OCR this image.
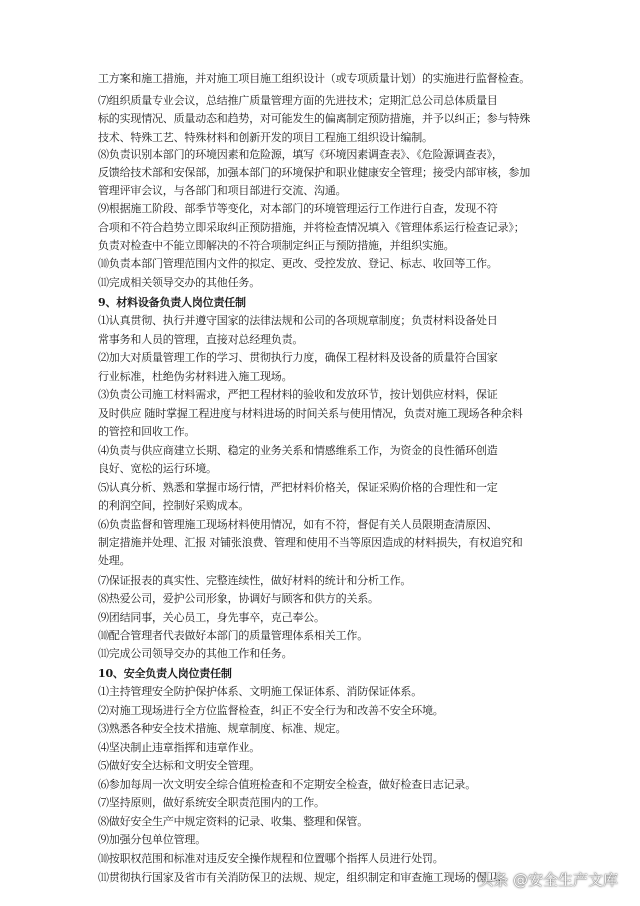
工方案和施工措施，并对施工项目施工组织设计（或专项质量计划）的实施进行监督检查。
⑺组织质量专业会议，总结推广质量管理方面的先进技术；定期汇总公司总体质量目
标的实现情况、质量动态和趋势，对可能发生的偏离制定预防措施，并予以纠正；参与特殊
技术、特殊工艺、特殊材料和创新开发的项目工程施工组织设计编制。
⑻负责识别本部门的环境因素和危险源，填写《环境因素调查表》、《危险源调查表》，
反馈给技术部和安保部，加强本部门的环境保护和职业健康安全管理；接受内部审核，参加
管理评审会议，与各部门和项目部进行交流、沟通。
⑼根据施工阶段、部季节等变化，对本部门的环境管理运行工作进行自查，发现不符
合项和不符合趋势立即采取纠正预防措施，并将检查情况填入《管理体系运行检查记录》；
负责对检查中不能立即解决的不符合项制定纠正与预防措施，并组织实施。
⑽负责本部门管理范围内文件的拟定、更改、受控发放、登记、标志、收回等工作。
⑾完成相关领导交办的其他任务。
9、材料设备负责人岗位责任制
⑴认真贯彻、执行并遵守国家的法律法规和公司的各项规章制度；负责材料设备处日
常事务和人员的管理，直接对总经理负责。
⑵加大对质量管理工作的学习、贯彻执行力度，确保工程材料及设备的质量符合国家
行业标准，杜绝伪劣材料进入施工现场。
⑶负责公司施工材料需求，严把工程材料的验收和发放环节，按计划供应材料，保证
及时供应 随时掌握工程进度与材料进场的时间关系与使用情况，负责对施工现场各种余料
的管控和回收工作。
⑷负责与供应商建立长期、稳定的业务关系和情感维系工作，为资金的良性循环创造
良好、宽松的运行环境。
⑸认真分析、熟悉和掌握市场行情，严把材料价格关，保证采购价格的合理性和一定
的利润空间，控制好采购成本。
⑹负责监督和管理施工现场材料使用情况，如有不符，督促有关人员限期查清原因、
制定措施并处理、汇报 对铺张浪费、管理和使用不当等原因造成的材料损失，有权追究和
处理。
⑺保证报表的真实性、完整连续性，做好材料的统计和分析工作。
⑻热爱公司，爱护公司形象，协调好与顾客和供方的关系。
⑼团结同事，关心员工，身先事卒，克己奉公。
⑽配合管理者代表做好本部门的质量管理体系相关工作。
⑾完成公司领导交办的其他工作和任务。
10、安全负责人岗位责任制
⑴主持管理安全防护保护体系、文明施工保证体系、消防保证体系。
⑵对施工现场进行全方位监督检查，纠正不安全行为和改善不安全环境。
⑶熟悉各种安全技术措施、规章制度、标准、规定。
⑷坚决制止违章指挥和违章作业。
⑸做好安全达标和文明安全管理。
⑹参加每周一次文明安全综合值班检查和不定期安全检查，做好检查日志记录。
⑺坚持原则，做好系统安全职责范围内的工作。
⑻做好安全生产中规定资料的记录、收集、整理和保管。
⑼加强分包单位管理。
⑽按职权范围和标准对违反安全操作规程和位置哪个指挥人员进行处罚。
⑾贯彻执行国家及省市有关消防保卫的法规、规定，组织制定和审查施工现场的保卫、
头条 @安全生产文库
